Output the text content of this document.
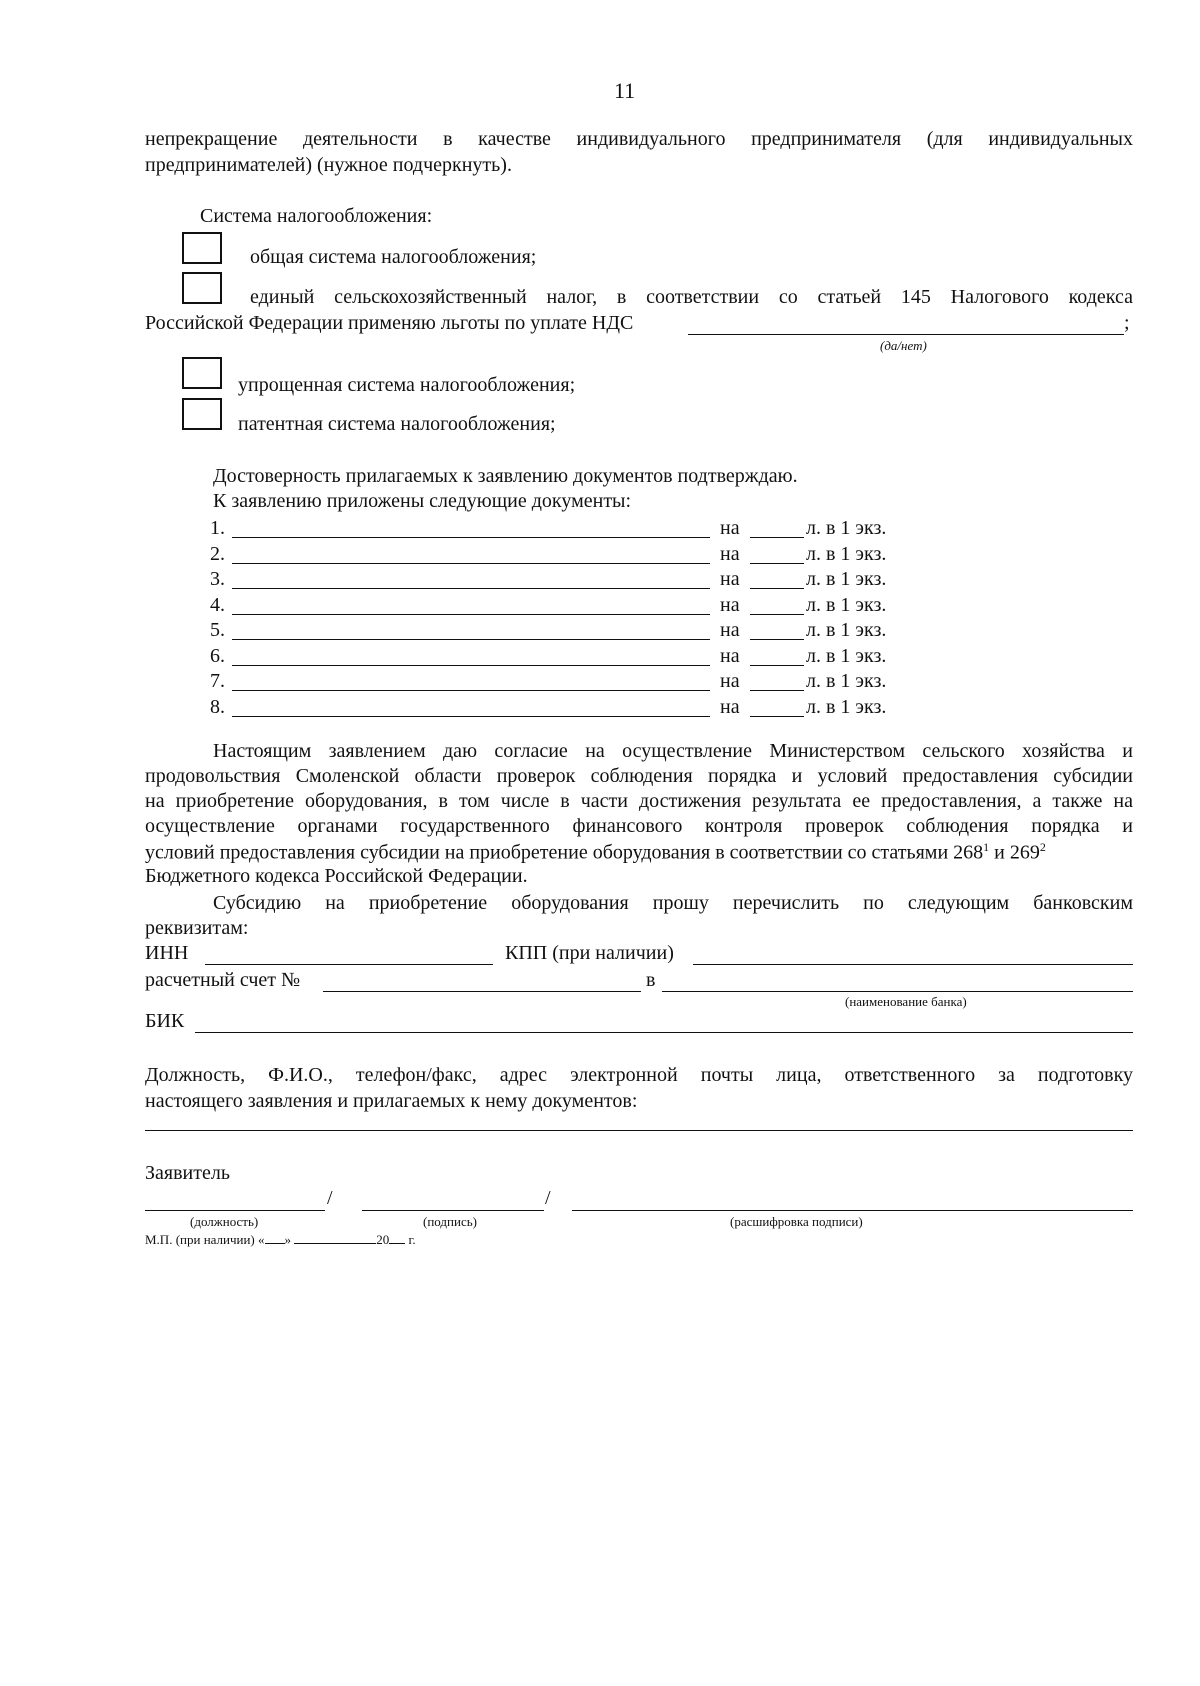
11
непрекращение деятельности в качестве индивидуального предпринимателя (для индивидуальных
предпринимателей) (нужное подчеркнуть).
Система налогообложения:
общая система налогообложения;
единый сельскохозяйственный налог, в соответствии со статьей 145 Налогового кодекса
Российской Федерации применяю льготы по уплате НДС	;
(да/нет)
упрощенная система налогообложения;
патентная система налогообложения;
Достоверность прилагаемых к заявлению документов подтверждаю.
К заявлению приложены следующие документы:
1.	на	л. в 1 экз.
2.	на	л. в 1 экз.
3.	на	л. в 1 экз.
4.	на	л. в 1 экз.
5.	на	л. в 1 экз.
6.	на	л. в 1 экз.
7.	на	л. в 1 экз.
8.	на	л. в 1 экз.
Настоящим заявлением даю согласие на осуществление Министерством сельского хозяйства и
продовольствия Смоленской области проверок соблюдения порядка и условий предоставления субсидии
на приобретение оборудования, в том числе в части достижения результата ее предоставления, а также на
осуществление органами государственного финансового контроля проверок соблюдения порядка и
условий предоставления субсидии на приобретение оборудования в соответствии со статьями $268^1$ и $269^2$
Бюджетного кодекса Российской Федерации.
Субсидию на приобретение оборудования прошу перечислить по следующим банковским
реквизитам:
ИНН	КПП (при наличии)
расчетный счет №	в
(наименование банка)
БИК
Должность, Ф.И.О., телефон/факс, адрес электронной почты лица, ответственного за подготовку
настоящего заявления и прилагаемых к нему документов:
Заявитель
/	/
(должность)	(подпись)	(расшифровка подписи)
М.П. (при наличии) « »	20 г.
